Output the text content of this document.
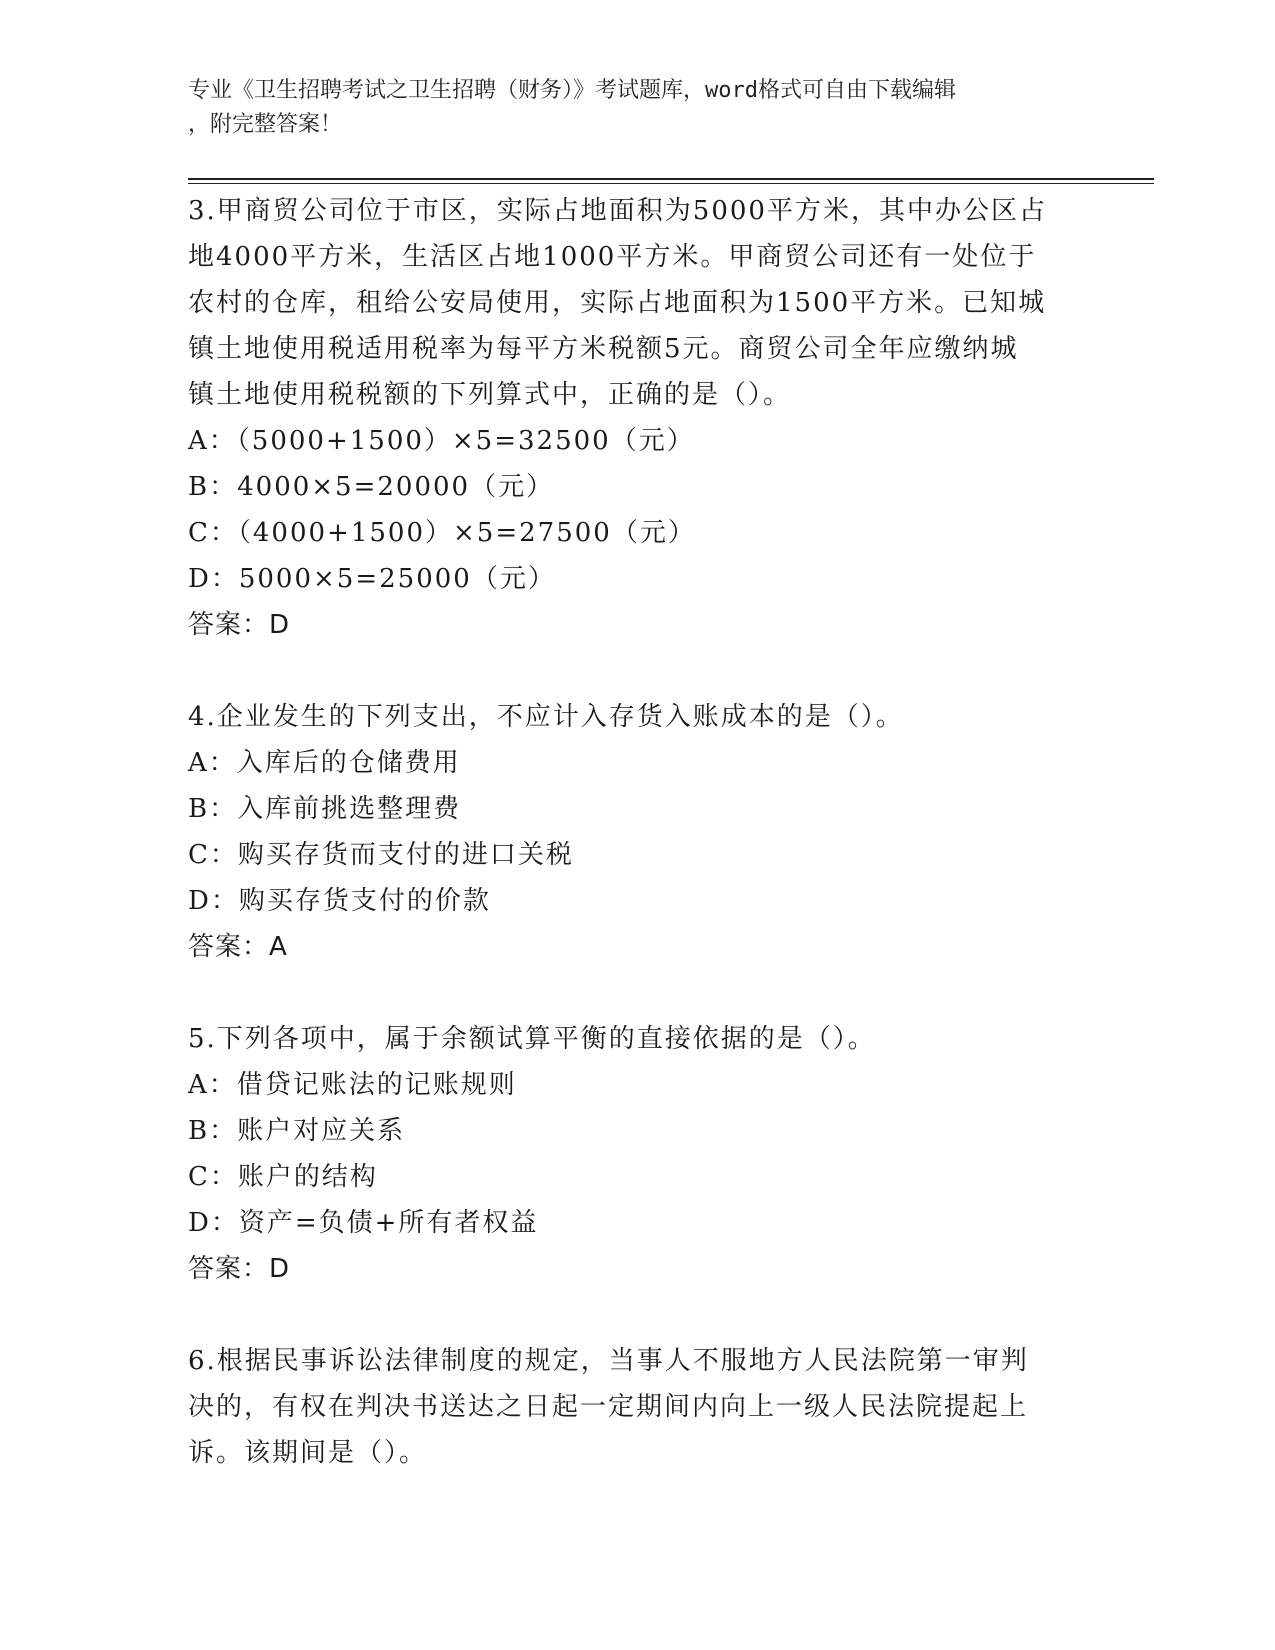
专业《卫生招聘考试之卫生招聘（财务）》考试题库，word格式可自由下载编辑
，附完整答案！
3.甲商贸公司位于市区，实际占地面积为5000平方米，其中办公区占
地4000平方米，生活区占地1000平方米。甲商贸公司还有一处位于
农村的仓库，租给公安局使用，实际占地面积为1500平方米。已知城
镇土地使用税适用税率为每平方米税额5元。商贸公司全年应缴纳城
镇土地使用税税额的下列算式中，正确的是（）。
A：（5000+1500）×5=32500（元）
B：4000×5=20000（元）
C：（4000+1500）×5=27500（元）
D：5000×5=25000（元）
答案：D
4.企业发生的下列支出，不应计入存货入账成本的是（）。
A：入库后的仓储费用
B：入库前挑选整理费
C：购买存货而支付的进口关税
D：购买存货支付的价款
答案：A
5.下列各项中，属于余额试算平衡的直接依据的是（）。
A：借贷记账法的记账规则
B：账户对应关系
C：账户的结构
D：资产=负债+所有者权益
答案：D
6.根据民事诉讼法律制度的规定，当事人不服地方人民法院第一审判
决的，有权在判决书送达之日起一定期间内向上一级人民法院提起上
诉。该期间是（）。
